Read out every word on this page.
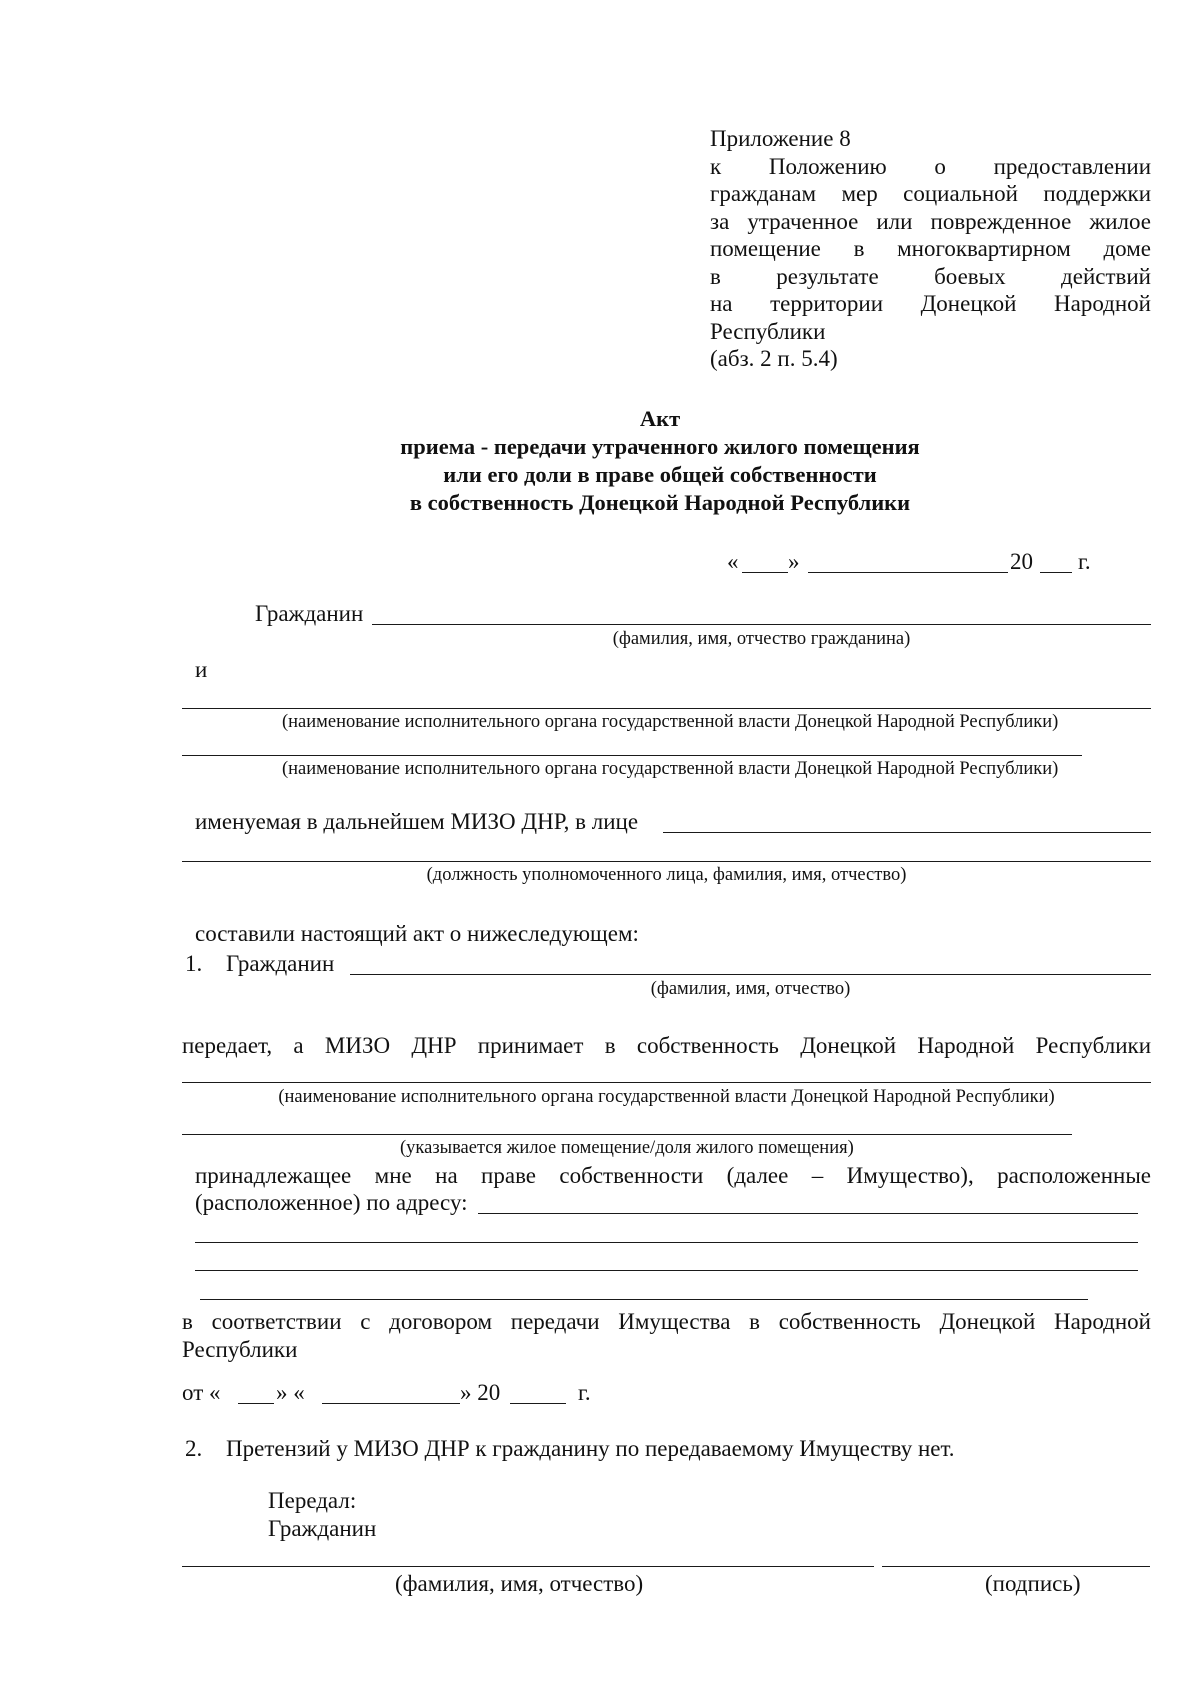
Приложение 8
к Положению о предоставлении
гражданам мер социальной поддержки
за утраченное или поврежденное жилое
помещение в многоквартирном доме
в результате боевых действий
на территории Донецкой Народной
Республики
(абз. 2 п. 5.4)
Акт
приема - передачи утраченного жилого помещения
или его доли в праве общей собственности
в собственность Донецкой Народной Республики
« »	20 г.
Гражданин
(фамилия, имя, отчество гражданина)
и
(наименование исполнительного органа государственной власти Донецкой Народной Республики)
(наименование исполнительного органа государственной власти Донецкой Народной Республики)
именуемая в дальнейшем МИЗО ДНР, в лице
(должность уполномоченного лица, фамилия, имя, отчество)
составили настоящий акт о нижеследующем:
1. Гражданин
(фамилия, имя, отчество)
передает, а МИЗО ДНР принимает в собственность Донецкой Народной Республики
(наименование исполнительного органа государственной власти Донецкой Народной Республики)
(указывается жилое помещение/доля жилого помещения)
принадлежащее мне на праве собственности (далее – Имущество), расположенные
(расположенное) по адресу:
в соответствии с договором передачи Имущества в собственность Донецкой Народной
Республики
от « » «	» 20	г.
2. Претензий у МИЗО ДНР к гражданину по передаваемому Имуществу нет.
Передал:
Гражданин
(фамилия, имя, отчество)	(подпись)
